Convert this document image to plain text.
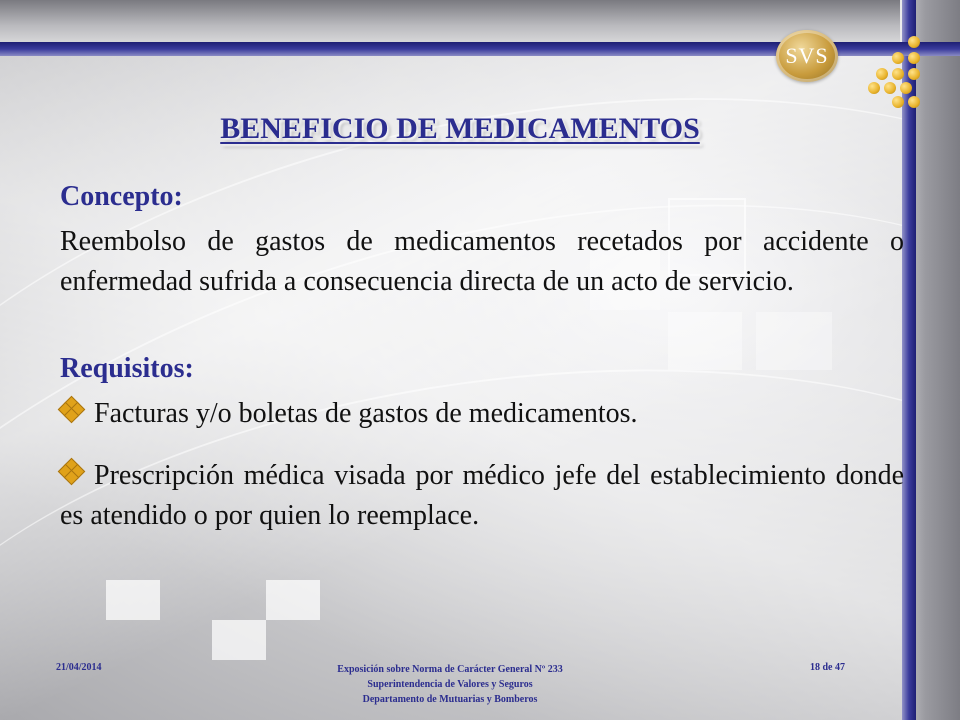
SVS
BENEFICIO DE MEDICAMENTOS
Concepto:
Reembolso de gastos de medicamentos recetados por accidente o enfermedad sufrida a consecuencia directa de un acto de servicio.
Requisitos:
Facturas y/o boletas de gastos de medicamentos.
Prescripción médica visada por médico jefe del establecimiento donde es atendido o por quien lo reemplace.
21/04/2014	Exposición sobre Norma de Carácter General Nº 233
Superintendencia de Valores y Seguros
Departamento de Mutuarias y Bomberos
18 de 47
